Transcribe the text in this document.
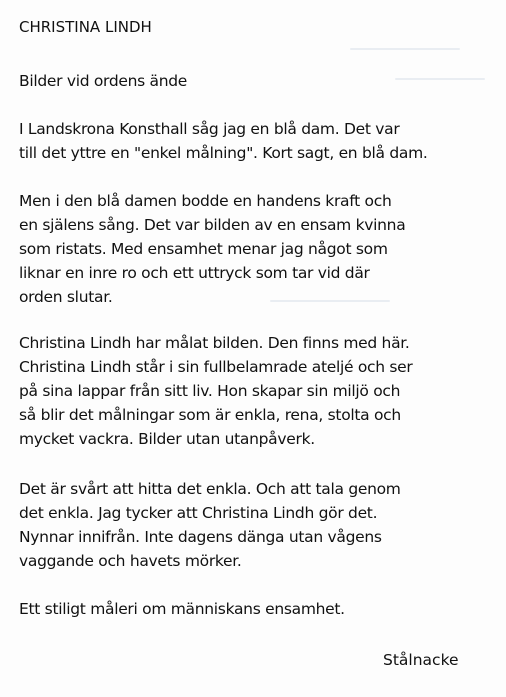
CHRISTINA LINDH
Bilder vid ordens ände
I Landskrona Konsthall såg jag en blå dam. Det var
till det yttre en "enkel målning". Kort sagt, en blå dam.
Men i den blå damen bodde en handens kraft och
en själens sång. Det var bilden av en ensam kvinna
som ristats. Med ensamhet menar jag något som
liknar en inre ro och ett uttryck som tar vid där
orden slutar.
Christina Lindh har målat bilden. Den finns med här.
Christina Lindh står i sin fullbelamrade ateljé och ser
på sina lappar från sitt liv. Hon skapar sin miljö och
så blir det målningar som är enkla, rena, stolta och
mycket vackra. Bilder utan utanpåverk.
Det är svårt att hitta det enkla. Och att tala genom
det enkla. Jag tycker att Christina Lindh gör det.
Nynnar innifrån. Inte dagens dänga utan vågens
vaggande och havets mörker.
Ett stiligt måleri om människans ensamhet.
Stålnacke
